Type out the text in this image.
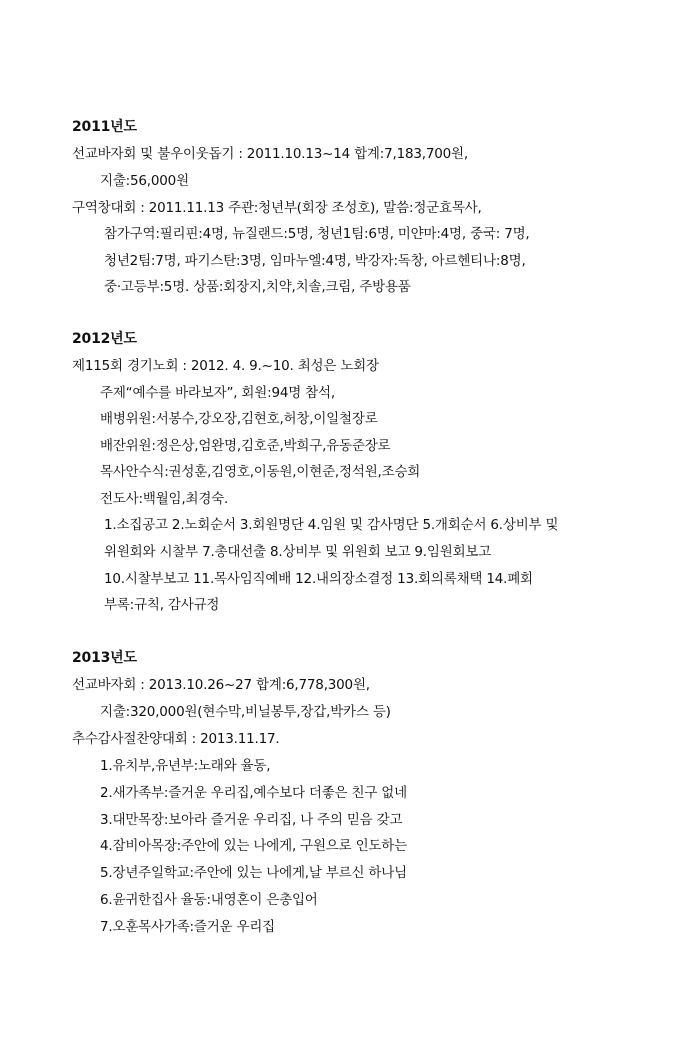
2011년도
선교바자회 및 불우이웃돕기 : 2011.10.13~14 합계:7,183,700원,
지출:56,000원
구역창대회 : 2011.11.13 주관:청년부(회장 조성호), 말씀:정군효목사,
참가구역:필리핀:4명, 뉴질랜드:5명, 청년1팀:6명, 미얀마:4명, 중국: 7명,
청년2팀:7명, 파기스탄:3명, 임마누엘:4명, 박강자:독창, 아르헨티나:8명,
중·고등부:5명. 상품:회장지,치약,치솔,크림, 주방용품
2012년도
제115회 경기노회 : 2012. 4. 9.~10. 최성은 노회장
주제“예수를 바라보자”, 회원:94명 참석,
배병위원:서봉수,강오장,김현호,허창,이일철장로
배잔위원:정은상,엄완명,김호준,박희구,유동준장로
목사안수식:권성훈,김영호,이동원,이현준,정석원,조승희
전도사:백월임,최경숙.
1.소집공고 2.노회순서 3.회원명단 4.임원 및 감사명단 5.개회순서 6.상비부 및
위원회와 시찰부 7.총대선출 8.상비부 및 위원회 보고 9.임원회보고
10.시찰부보고 11.목사임직예배 12.내의장소결정 13.회의록채택 14.폐회
부록:규칙, 감사규정
2013년도
선교바자회 : 2013.10.26~27 합계:6,778,300원,
지출:320,000원(현수막,비닐봉투,장갑,박카스 등)
추수감사절찬양대회 : 2013.11.17.
1.유치부,유년부:노래와 율동,
2.새가족부:즐거운 우리집,예수보다 더좋은 친구 없네
3.대만목장:보아라 즐거운 우리집, 나 주의 믿음 갖고
4.잠비아목장:주안에 있는 나에게, 구원으로 인도하는
5.장년주일학교:주안에 있는 나에게,날 부르신 하나님
6.윤귀한집사 율동:내영혼이 은총입어
7.오훈목사가족:즐거운 우리집
